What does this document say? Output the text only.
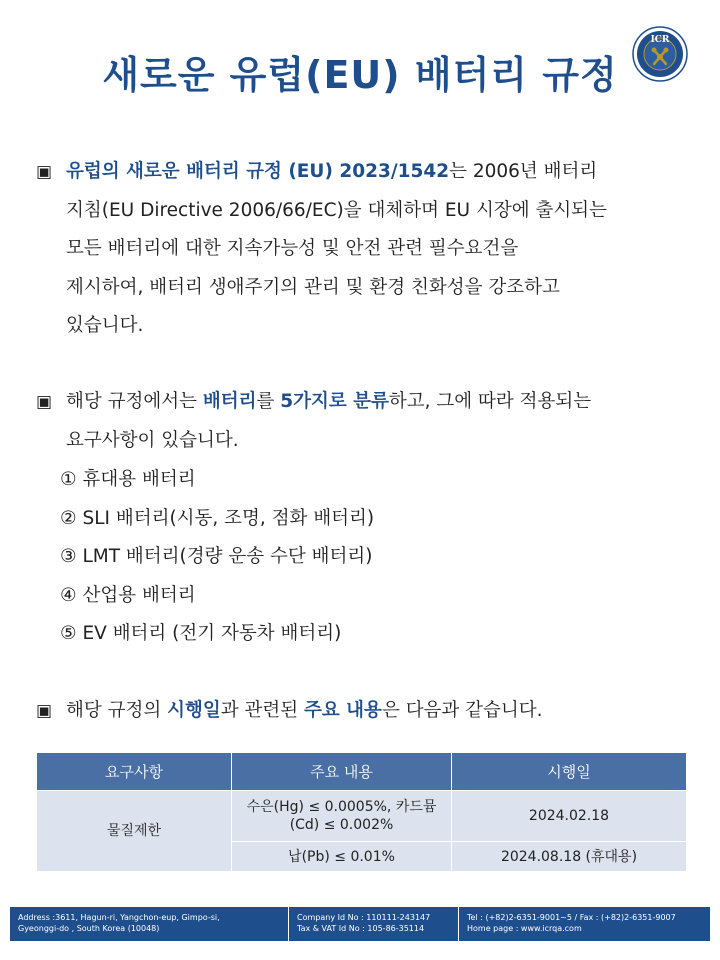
새로운 유럽(EU) 배터리 규정
ICR
▣ 유럽의 새로운 배터리 규정 (EU) 2023/1542는 2006년 배터리
지침(EU Directive 2006/66/EC)을 대체하며 EU 시장에 출시되는
모든 배터리에 대한 지속가능성 및 안전 관련 필수요건을
제시하여, 배터리 생애주기의 관리 및 환경 친화성을 강조하고
있습니다.
▣ 해당 규정에서는 배터리를 5가지로 분류하고, 그에 따라 적용되는
요구사항이 있습니다.
① 휴대용 배터리
② SLI 배터리(시동, 조명, 점화 배터리)
③ LMT 배터리(경량 운송 수단 배터리)
④ 산업용 배터리
⑤ EV 배터리 (전기 자동차 배터리)
▣ 해당 규정의 시행일과 관련된 주요 내용은 다음과 같습니다.
요구사항	주요 내용	시행일
물질제한	수은(Hg) ≤ 0.0005%, 카드뮴(Cd) ≤ 0.002%	2024.02.18
	납(Pb) ≤ 0.01%	2024.08.18 (휴대용)
Address :3611, Hagun-ri, Yangchon-eup, Gimpo-si,
Gyeonggi-do , South Korea (10048)
Company Id No : 110111-243147
Tax & VAT Id No : 105-86-35114
Tel : (+82)2-6351-9001~5 / Fax : (+82)2-6351-9007
Home page : www.icrqa.com
